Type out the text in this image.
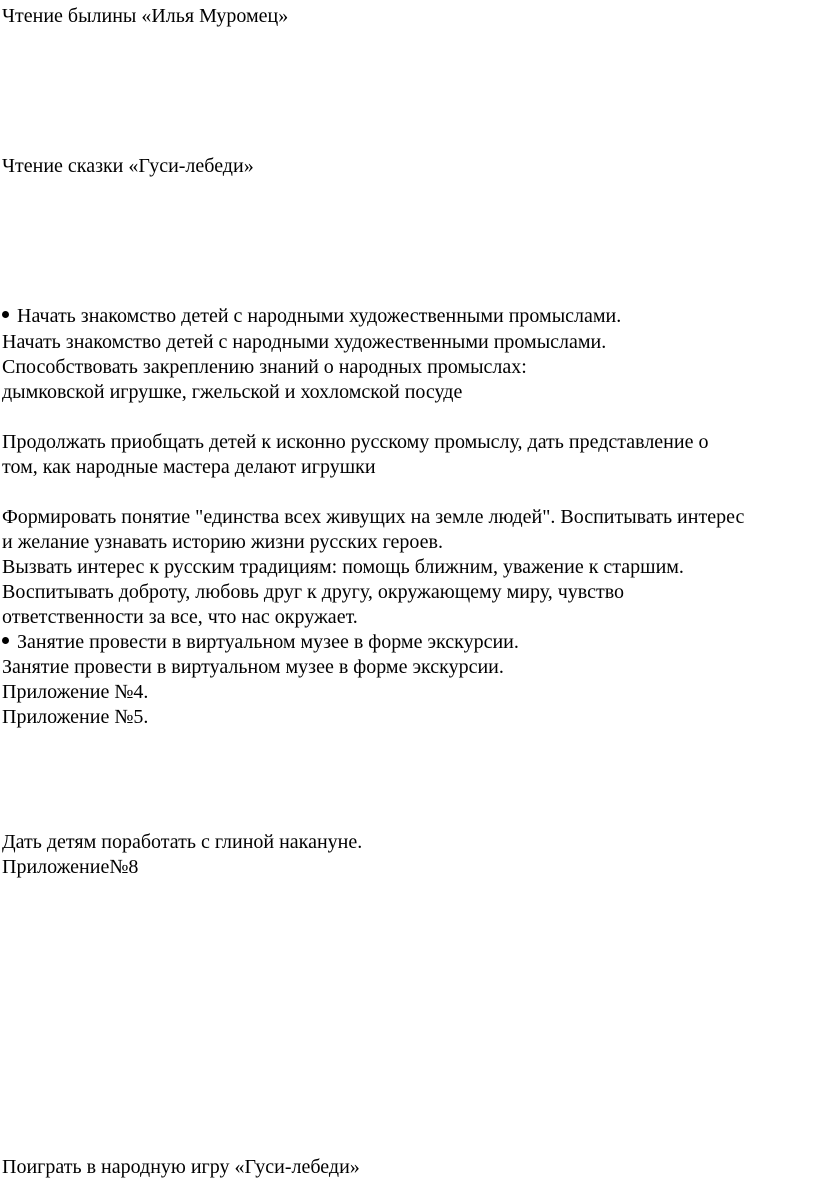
Чтение былины «Илья Муромец»

Чтение сказки «Гуси-лебеди»

Начать знакомство детей с народными художественными промыслами.

Начать знакомство детей с народными художественными промыслами.

Способствовать закреплению знаний о народных промыслах:

дымковской игрушке, гжельской и хохломской посуде

Продолжать приобщать детей к исконно русскому промыслу, дать представление о

том, как народные мастера делают игрушки

Формировать понятие "единства всех живущих на земле людей". Воспитывать интерес

и желание узнавать историю жизни русских героев.

Вызвать интерес к русским традициям: помощь ближним, уважение к старшим.

Воспитывать доброту, любовь друг к другу, окружающему миру, чувство

ответственности за все, что нас окружает.

Занятие провести в виртуальном музее в форме экскурсии.

Занятие провести в виртуальном музее в форме экскурсии.

Приложение №4.

Приложение №5.

Дать детям поработать с глиной накануне.

Приложение№8

Поиграть в народную игру «Гуси-лебеди»
